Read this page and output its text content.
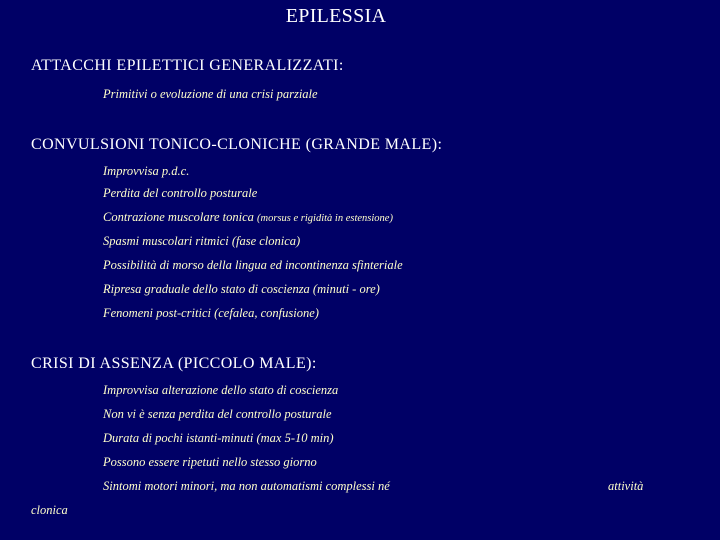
EPILESSIA
ATTACCHI EPILETTICI GENERALIZZATI:
Primitivi o evoluzione di una crisi parziale
CONVULSIONI TONICO-CLONICHE (GRANDE MALE):
Improvvisa p.d.c.
Perdita del controllo posturale
Contrazione muscolare tonica (morsus e rigidità in estensione)
Spasmi muscolari ritmici (fase clonica)
Possibilità di morso della lingua ed incontinenza sfinteriale
Ripresa graduale dello stato di coscienza (minuti - ore)
Fenomeni post-critici (cefalea, confusione)
CRISI DI ASSENZA (PICCOLO MALE):
Improvvisa alterazione dello stato di coscienza
Non vi è senza perdita del controllo posturale
Durata di pochi istanti-minuti (max 5-10 min)
Possono essere ripetuti nello stesso giorno
Sintomi motori minori, ma non automatismi complessi né	attività
clonica
